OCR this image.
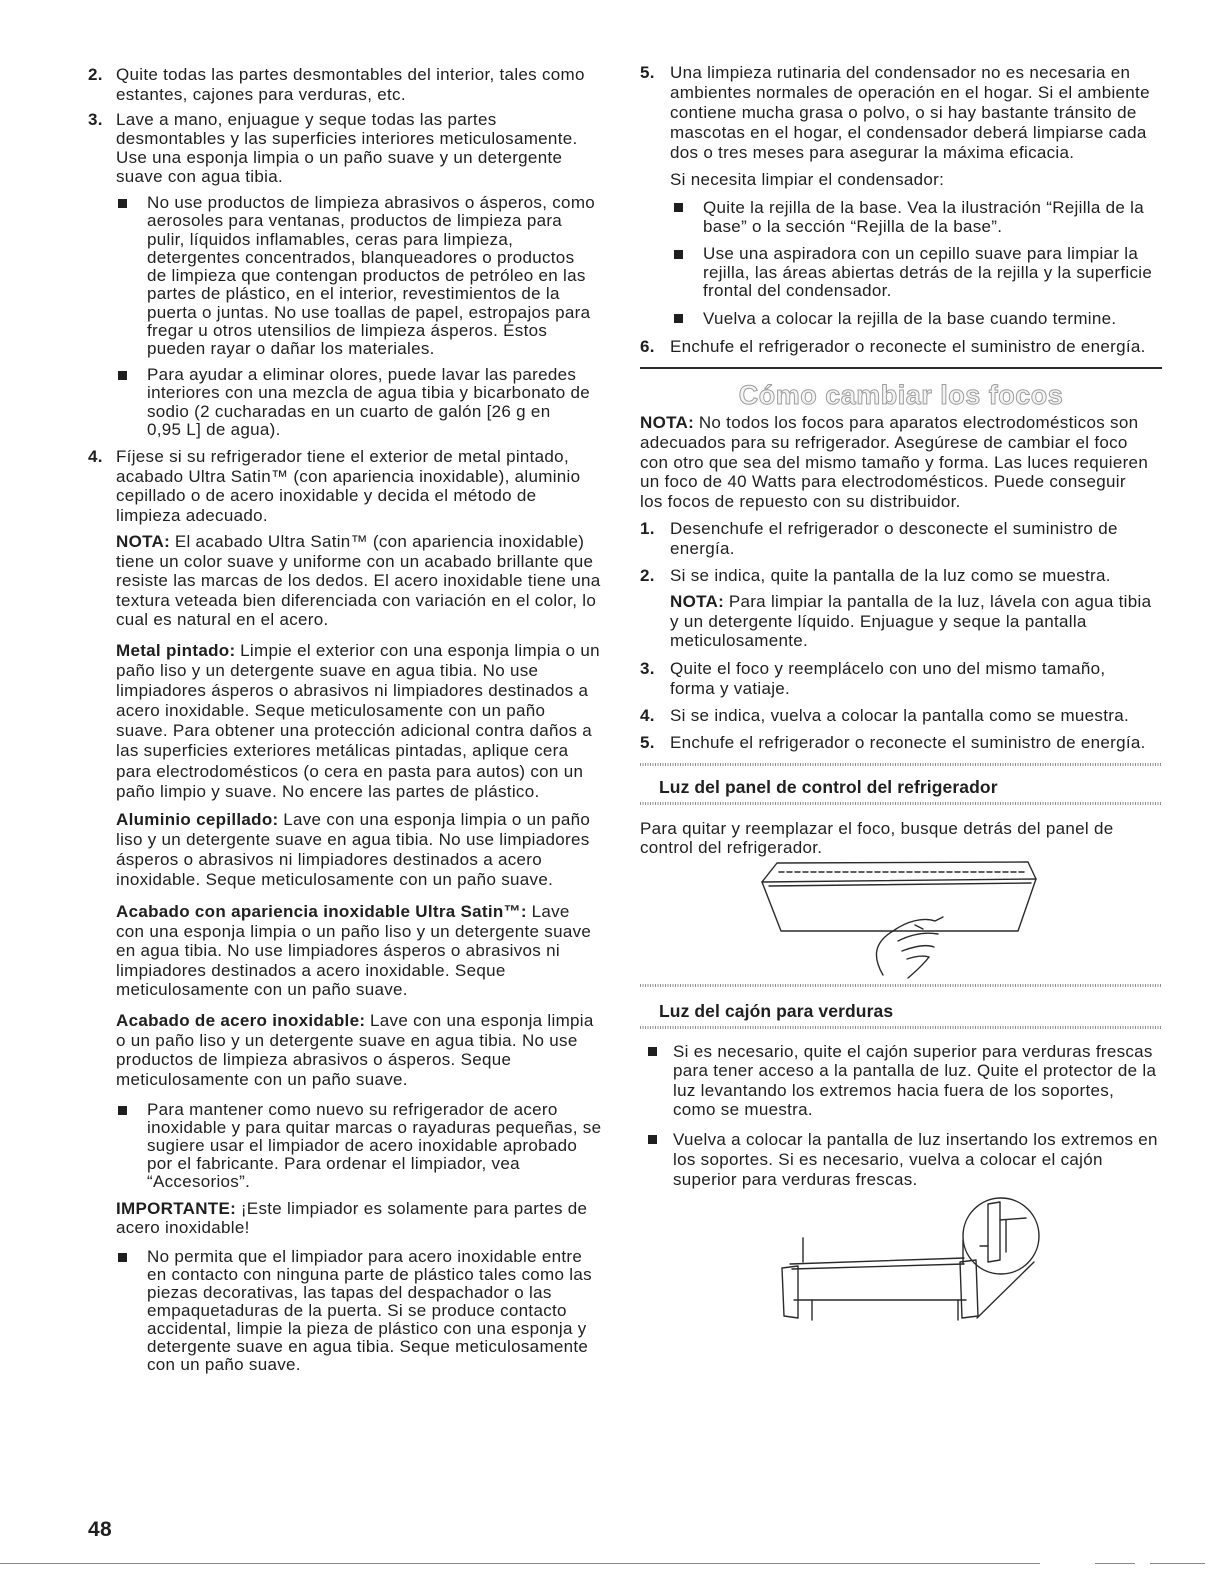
2. Quite todas las partes desmontables del interior, tales como
estantes, cajones para verduras, etc.
3. Lave a mano, enjuague y seque todas las partes
desmontables y las superficies interiores meticulosamente.
Use una esponja limpia o un paño suave y un detergente
suave con agua tibia.
No use productos de limpieza abrasivos o ásperos, como
aerosoles para ventanas, productos de limpieza para
pulir, líquidos inflamables, ceras para limpieza,
detergentes concentrados, blanqueadores o productos
de limpieza que contengan productos de petróleo en las
partes de plástico, en el interior, revestimientos de la
puerta o juntas. No use toallas de papel, estropajos para
fregar u otros utensilios de limpieza ásperos. Éstos
pueden rayar o dañar los materiales.
Para ayudar a eliminar olores, puede lavar las paredes
interiores con una mezcla de agua tibia y bicarbonato de
sodio (2 cucharadas en un cuarto de galón [26 g en
0,95 L] de agua).
4. Fíjese si su refrigerador tiene el exterior de metal pintado,
acabado Ultra Satin™ (con apariencia inoxidable), aluminio
cepillado o de acero inoxidable y decida el método de
limpieza adecuado.
NOTA: El acabado Ultra Satin™ (con apariencia inoxidable)
tiene un color suave y uniforme con un acabado brillante que
resiste las marcas de los dedos. El acero inoxidable tiene una
textura veteada bien diferenciada con variación en el color, lo
cual es natural en el acero.
Metal pintado: Limpie el exterior con una esponja limpia o un
paño liso y un detergente suave en agua tibia. No use
limpiadores ásperos o abrasivos ni limpiadores destinados a
acero inoxidable. Seque meticulosamente con un paño
suave. Para obtener una protección adicional contra daños a
las superficies exteriores metálicas pintadas, aplique cera
para electrodomésticos (o cera en pasta para autos) con un
paño limpio y suave. No encere las partes de plástico.
Aluminio cepillado: Lave con una esponja limpia o un paño
liso y un detergente suave en agua tibia. No use limpiadores
ásperos o abrasivos ni limpiadores destinados a acero
inoxidable. Seque meticulosamente con un paño suave.
Acabado con apariencia inoxidable Ultra Satin™: Lave
con una esponja limpia o un paño liso y un detergente suave
en agua tibia. No use limpiadores ásperos o abrasivos ni
limpiadores destinados a acero inoxidable. Seque
meticulosamente con un paño suave.
Acabado de acero inoxidable: Lave con una esponja limpia
o un paño liso y un detergente suave en agua tibia. No use
productos de limpieza abrasivos o ásperos. Seque
meticulosamente con un paño suave.
Para mantener como nuevo su refrigerador de acero
inoxidable y para quitar marcas o rayaduras pequeñas, se
sugiere usar el limpiador de acero inoxidable aprobado
por el fabricante. Para ordenar el limpiador, vea
“Accesorios”.
IMPORTANTE: ¡Este limpiador es solamente para partes de
acero inoxidable!
No permita que el limpiador para acero inoxidable entre
en contacto con ninguna parte de plástico tales como las
piezas decorativas, las tapas del despachador o las
empaquetaduras de la puerta. Si se produce contacto
accidental, limpie la pieza de plástico con una esponja y
detergente suave en agua tibia. Seque meticulosamente
con un paño suave.
5. Una limpieza rutinaria del condensador no es necesaria en
ambientes normales de operación en el hogar. Si el ambiente
contiene mucha grasa o polvo, o si hay bastante tránsito de
mascotas en el hogar, el condensador deberá limpiarse cada
dos o tres meses para asegurar la máxima eficacia.
Si necesita limpiar el condensador:
Quite la rejilla de la base. Vea la ilustración “Rejilla de la
base” o la sección “Rejilla de la base”.
Use una aspiradora con un cepillo suave para limpiar la
rejilla, las áreas abiertas detrás de la rejilla y la superficie
frontal del condensador.
Vuelva a colocar la rejilla de la base cuando termine.
6. Enchufe el refrigerador o reconecte el suministro de energía.
Cómo cambiar los focos
NOTA: No todos los focos para aparatos electrodomésticos son
adecuados para su refrigerador. Asegúrese de cambiar el foco
con otro que sea del mismo tamaño y forma. Las luces requieren
un foco de 40 Watts para electrodomésticos. Puede conseguir
los focos de repuesto con su distribuidor.
1. Desenchufe el refrigerador o desconecte el suministro de
energía.
2. Si se indica, quite la pantalla de la luz como se muestra.
NOTA: Para limpiar la pantalla de la luz, lávela con agua tibia
y un detergente líquido. Enjuague y seque la pantalla
meticulosamente.
3. Quite el foco y reemplácelo con uno del mismo tamaño,
forma y vatiaje.
4. Si se indica, vuelva a colocar la pantalla como se muestra.
5. Enchufe el refrigerador o reconecte el suministro de energía.
Luz del panel de control del refrigerador
Para quitar y reemplazar el foco, busque detrás del panel de
control del refrigerador.
Luz del cajón para verduras
Si es necesario, quite el cajón superior para verduras frescas
para tener acceso a la pantalla de luz. Quite el protector de la
luz levantando los extremos hacia fuera de los soportes,
como se muestra.
Vuelva a colocar la pantalla de luz insertando los extremos en
los soportes. Si es necesario, vuelva a colocar el cajón
superior para verduras frescas.
48
